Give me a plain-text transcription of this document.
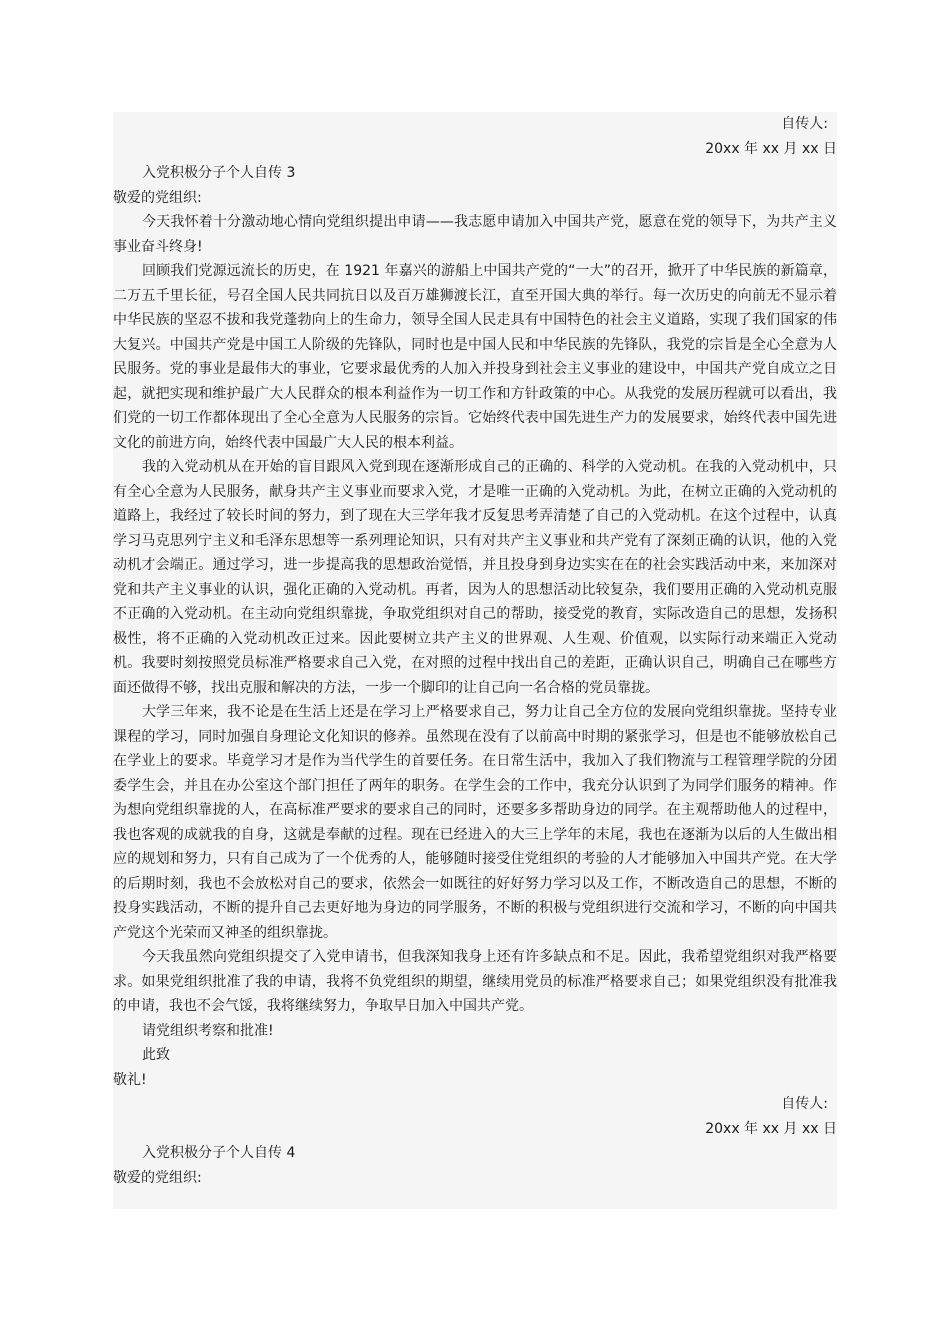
自传人:
20xx 年 xx 月 xx 日
入党积极分子个人自传 3
敬爱的党组织:

今天我怀着十分激动地心情向党组织提出申请——我志愿申请加入中国共产党，愿意在党的领导下，为共产主义事业奋斗终身!

回顾我们党源远流长的历史，在 1921 年嘉兴的游船上中国共产党的“一大”的召开，掀开了中华民族的新篇章，二万五千里长征，号召全国人民共同抗日以及百万雄狮渡长江，直至开国大典的举行。每一次历史的向前无不显示着中华民族的坚忍不拔和我党蓬勃向上的生命力，领导全国人民走具有中国特色的社会主义道路，实现了我们国家的伟大复兴。中国共产党是中国工人阶级的先锋队，同时也是中国人民和中华民族的先锋队，我党的宗旨是全心全意为人民服务。党的事业是最伟大的事业，它要求最优秀的人加入并投身到社会主义事业的建设中，中国共产党自成立之日起，就把实现和维护最广大人民群众的根本利益作为一切工作和方针政策的中心。从我党的发展历程就可以看出，我们党的一切工作都体现出了全心全意为人民服务的宗旨。它始终代表中国先进生产力的发展要求，始终代表中国先进文化的前进方向，始终代表中国最广大人民的根本利益。

我的入党动机从在开始的盲目跟风入党到现在逐渐形成自己的正确的、科学的入党动机。在我的入党动机中，只有全心全意为人民服务，献身共产主义事业而要求入党，才是唯一正确的入党动机。为此，在树立正确的入党动机的道路上，我经过了较长时间的努力，到了现在大三学年我才反复思考弄清楚了自己的入党动机。在这个过程中，认真学习马克思列宁主义和毛泽东思想等一系列理论知识，只有对共产主义事业和共产党有了深刻正确的认识，他的入党动机才会端正。通过学习，进一步提高我的思想政治觉悟，并且投身到身边实实在在的社会实践活动中来，来加深对党和共产主义事业的认识，强化正确的入党动机。再者，因为人的思想活动比较复杂，我们要用正确的入党动机克服不正确的入党动机。在主动向党组织靠拢，争取党组织对自己的帮助，接受党的教育，实际改造自己的思想，发扬积极性，将不正确的入党动机改正过来。因此要树立共产主义的世界观、人生观、价值观，以实际行动来端正入党动机。我要时刻按照党员标准严格要求自己入党，在对照的过程中找出自己的差距，正确认识自己，明确自己在哪些方面还做得不够，找出克服和解决的方法，一步一个脚印的让自己向一名合格的党员靠拢。

大学三年来，我不论是在生活上还是在学习上严格要求自己，努力让自己全方位的发展向党组织靠拢。坚持专业课程的学习，同时加强自身理论文化知识的修养。虽然现在没有了以前高中时期的紧张学习，但是也不能够放松自己在学业上的要求。毕竟学习才是作为当代学生的首要任务。在日常生活中，我加入了我们物流与工程管理学院的分团委学生会，并且在办公室这个部门担任了两年的职务。在学生会的工作中，我充分认识到了为同学们服务的精神。作为想向党组织靠拢的人，在高标准严要求的要求自己的同时，还要多多帮助身边的同学。在主观帮助他人的过程中，我也客观的成就我的自身，这就是奉献的过程。现在已经进入的大三上学年的末尾，我也在逐渐为以后的人生做出相应的规划和努力，只有自己成为了一个优秀的人，能够随时接受住党组织的考验的人才能够加入中国共产党。在大学的后期时刻，我也不会放松对自己的要求，依然会一如既往的好好努力学习以及工作，不断改造自己的思想，不断的投身实践活动，不断的提升自己去更好地为身边的同学服务，不断的积极与党组织进行交流和学习，不断的向中国共产党这个光荣而又神圣的组织靠拢。

今天我虽然向党组织提交了入党申请书，但我深知我身上还有许多缺点和不足。因此，我希望党组织对我严格要求。如果党组织批准了我的申请，我将不负党组织的期望，继续用党员的标准严格要求自己；如果党组织没有批准我的申请，我也不会气馁，我将继续努力，争取早日加入中国共产党。

请党组织考察和批准!
此致
敬礼!
自传人:
20xx 年 xx 月 xx 日
入党积极分子个人自传 4
敬爱的党组织:
